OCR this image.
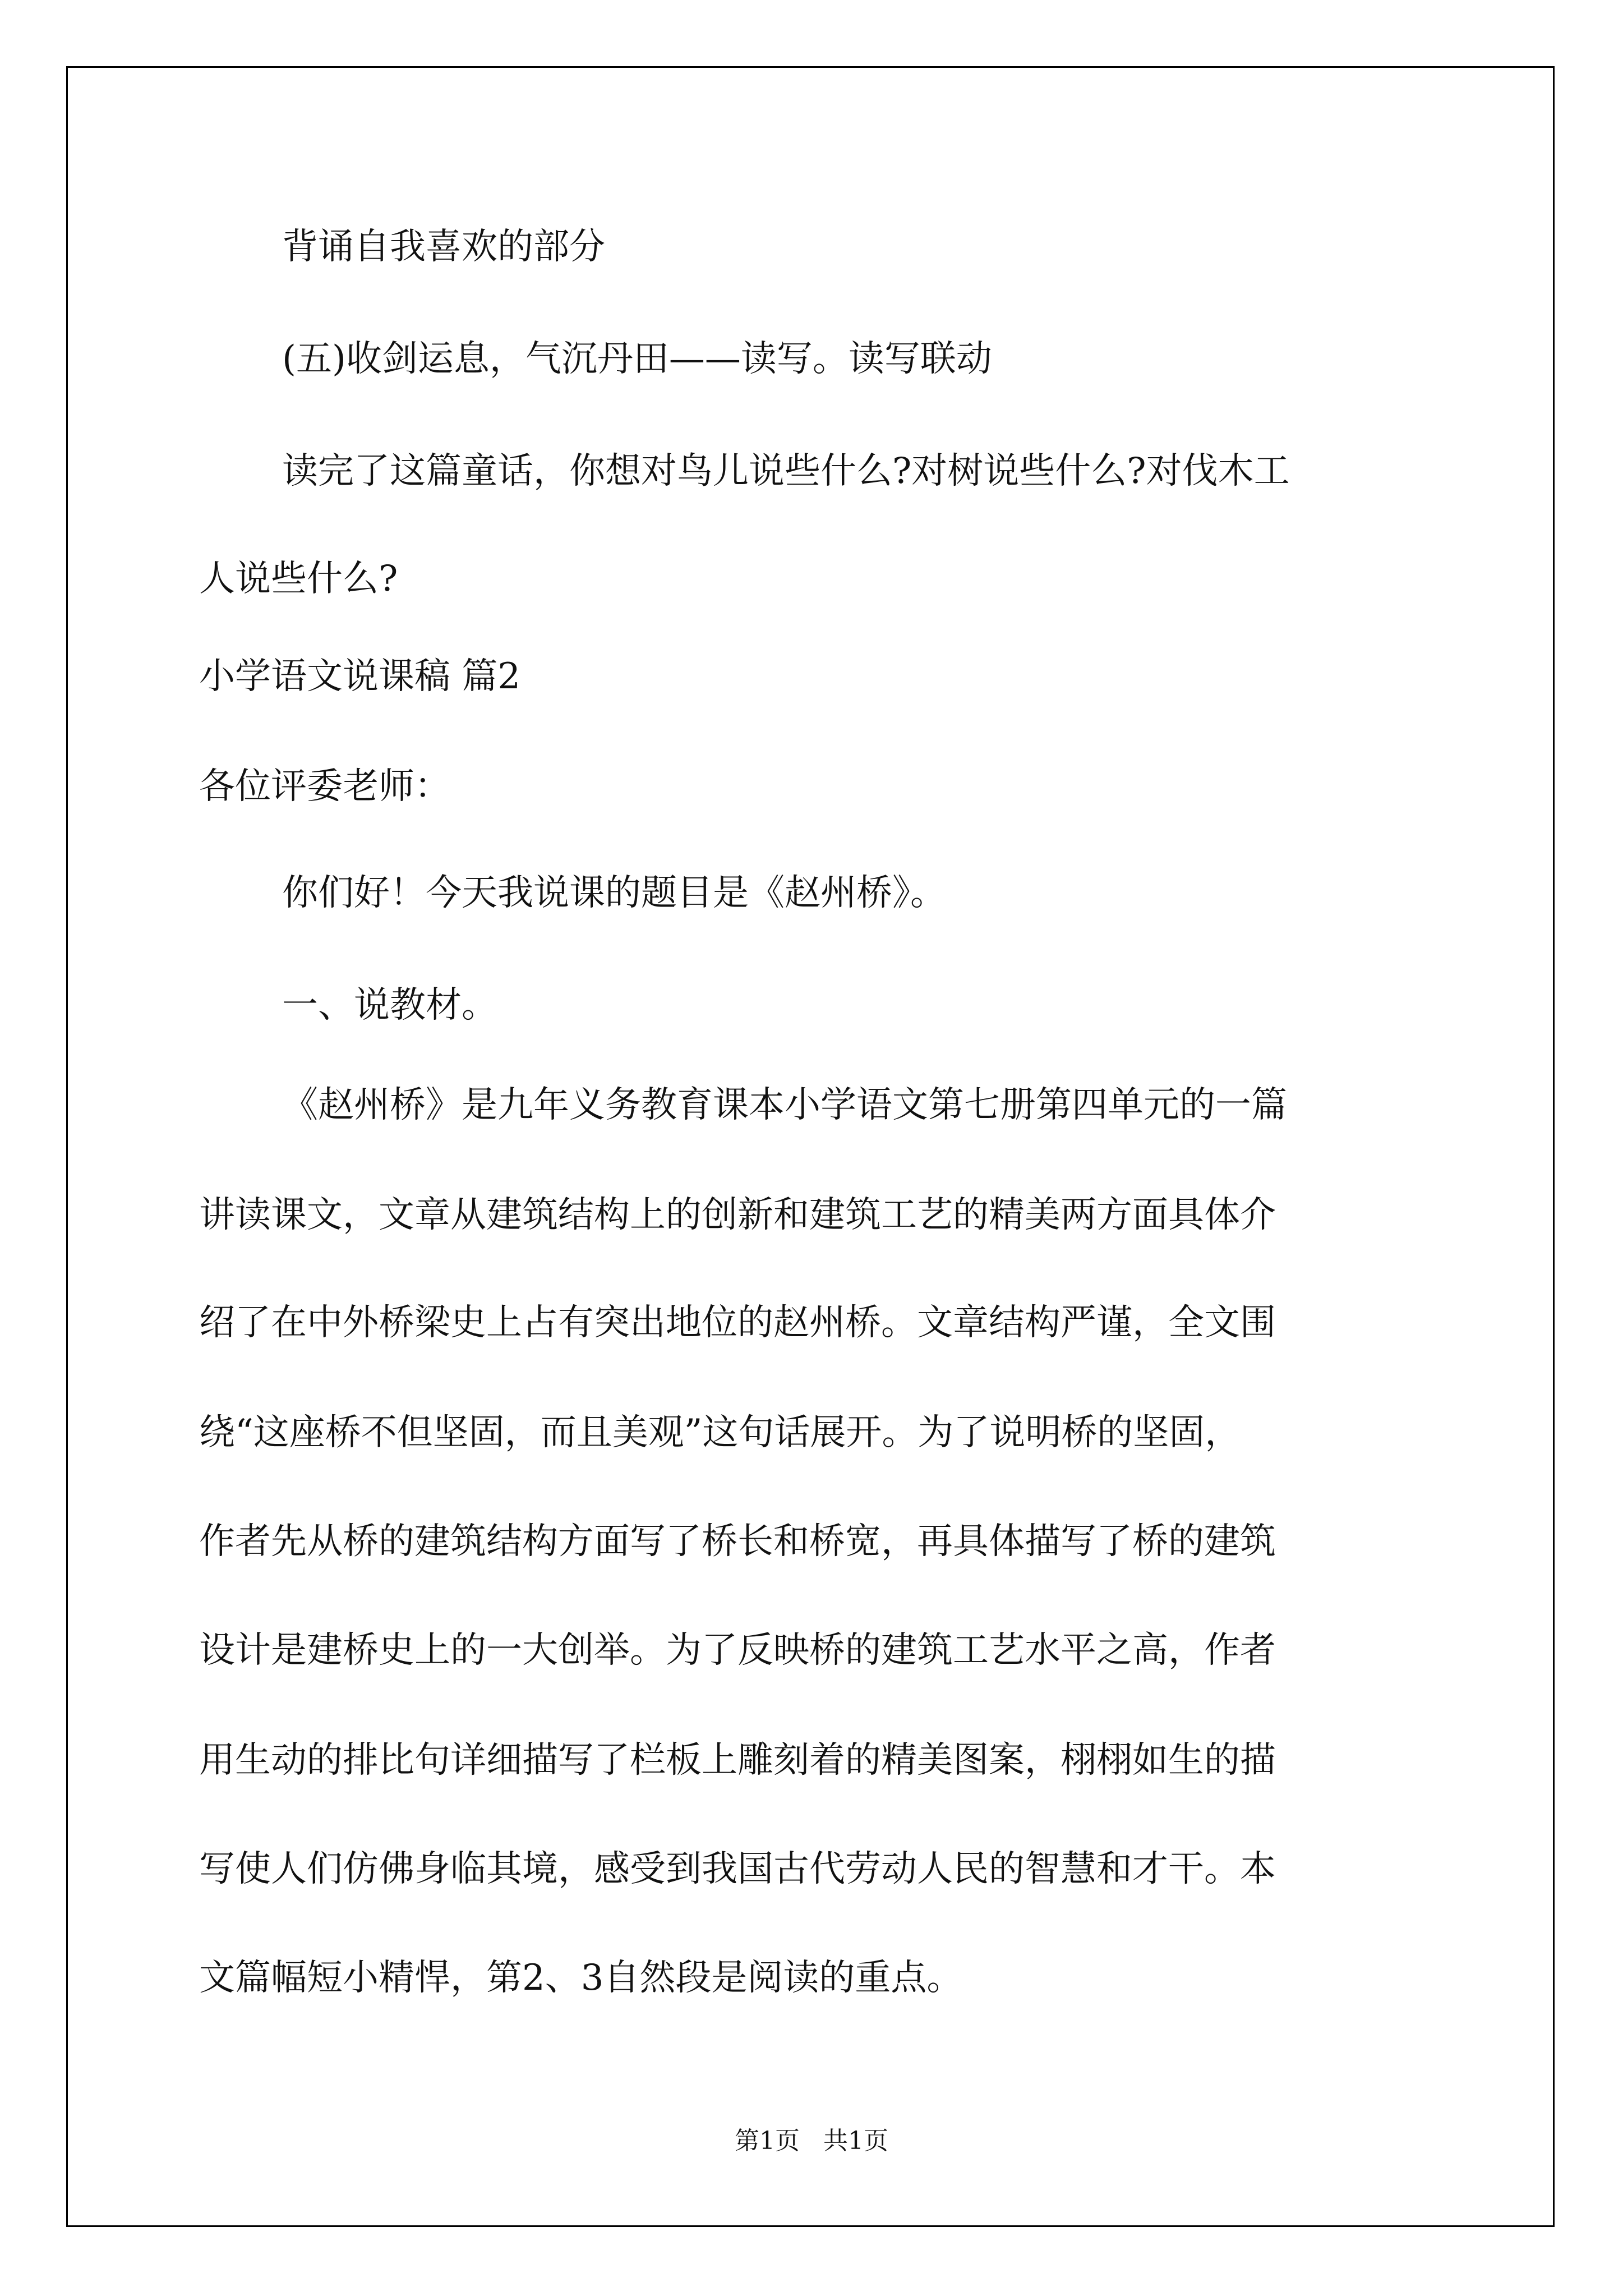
背诵自我喜欢的部分
(五)收剑运息，气沉丹田——读写。读写联动
读完了这篇童话，你想对鸟儿说些什么?对树说些什么?对伐木工
人说些什么?
小学语文说课稿 篇2
各位评委老师：
你们好！今天我说课的题目是《赵州桥》。
一、说教材。
《赵州桥》是九年义务教育课本小学语文第七册第四单元的一篇
讲读课文，文章从建筑结构上的创新和建筑工艺的精美两方面具体介
绍了在中外桥梁史上占有突出地位的赵州桥。文章结构严谨，全文围
绕“这座桥不但坚固，而且美观”这句话展开。为了说明桥的坚固，
作者先从桥的建筑结构方面写了桥长和桥宽，再具体描写了桥的建筑
设计是建桥史上的一大创举。为了反映桥的建筑工艺水平之高，作者
用生动的排比句详细描写了栏板上雕刻着的精美图案，栩栩如生的描
写使人们仿佛身临其境，感受到我国古代劳动人民的智慧和才干。本
文篇幅短小精悍，第2、3自然段是阅读的重点。
第1页 共1页
